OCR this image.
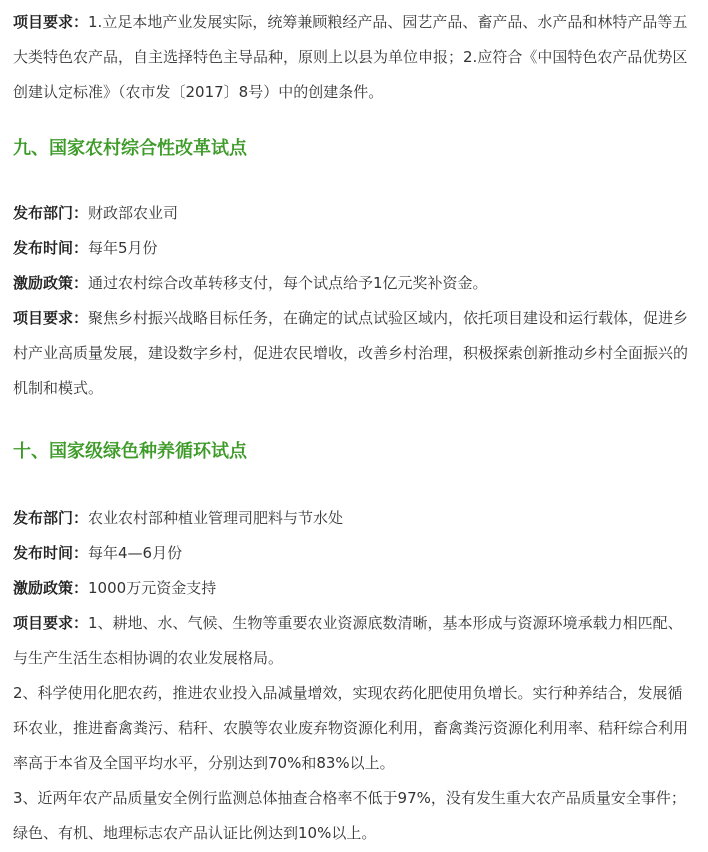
项目要求：1.立足本地产业发展实际，统筹兼顾粮经产品、园艺产品、畜产品、水产品和林特产品等五大类特色农产品，自主选择特色主导品种，原则上以县为单位申报；2.应符合《中国特色农产品优势区创建认定标准》（农市发〔2017〕8号）中的创建条件。
九、国家农村综合性改革试点
发布部门：财政部农业司
发布时间：每年5月份
激励政策：通过农村综合改革转移支付，每个试点给予1亿元奖补资金。
项目要求：聚焦乡村振兴战略目标任务，在确定的试点试验区域内，依托项目建设和运行载体，促进乡村产业高质量发展，建设数字乡村，促进农民增收，改善乡村治理，积极探索创新推动乡村全面振兴的机制和模式。
十、国家级绿色种养循环试点
发布部门：农业农村部种植业管理司肥料与节水处
发布时间：每年4—6月份
激励政策：1000万元资金支持
项目要求：1、耕地、水、气候、生物等重要农业资源底数清晰，基本形成与资源环境承载力相匹配、与生产生活生态相协调的农业发展格局。
2、科学使用化肥农药，推进农业投入品减量增效，实现农药化肥使用负增长。实行种养结合，发展循环农业，推进畜禽粪污、秸秆、农膜等农业废弃物资源化利用，畜禽粪污资源化利用率、秸秆综合利用率高于本省及全国平均水平，分别达到70%和83%以上。
3、近两年农产品质量安全例行监测总体抽查合格率不低于97%，没有发生重大农产品质量安全事件；绿色、有机、地理标志农产品认证比例达到10%以上。
